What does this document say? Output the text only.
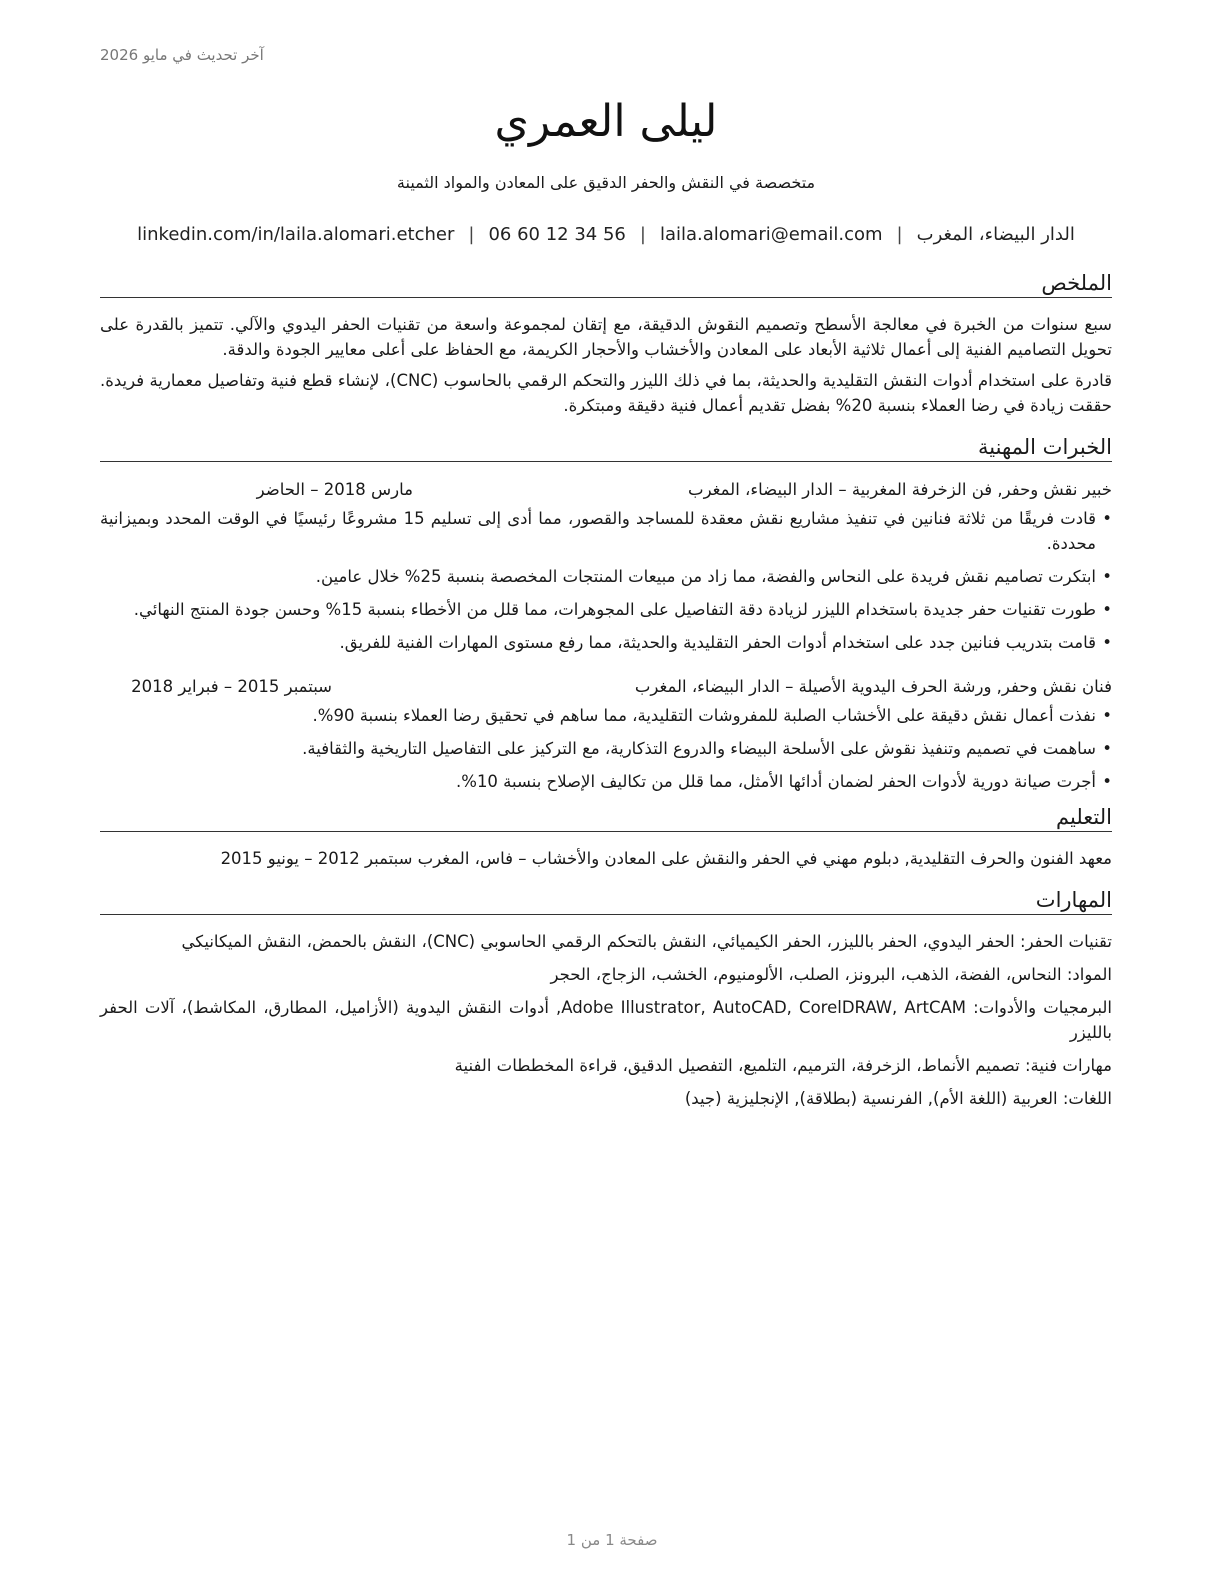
آخر تحديث في مايو 2026
ليلى العمري
متخصصة في النقش والحفر الدقيق على المعادن والمواد الثمينة
الدار البيضاء، المغرب|laila.alomari@email.com|06 60 12 34 56|linkedin.com/in/laila.alomari.etcher
الملخص

سبع سنوات من الخبرة في معالجة الأسطح وتصميم النقوش الدقيقة، مع إتقان لمجموعة واسعة من تقنيات الحفر اليدوي والآلي. تتميز بالقدرة على تحويل التصاميم الفنية إلى أعمال ثلاثية الأبعاد على المعادن والأخشاب والأحجار الكريمة، مع الحفاظ على أعلى معايير الجودة والدقة.

قادرة على استخدام أدوات النقش التقليدية والحديثة، بما في ذلك الليزر والتحكم الرقمي بالحاسوب (CNC)، لإنشاء قطع فنية وتفاصيل معمارية فريدة. حققت زيادة في رضا العملاء بنسبة 20% بفضل تقديم أعمال فنية دقيقة ومبتكرة.

الخبرات المهنية
خبير نقش وحفر, فن الزخرفة المغربية – الدار البيضاء، المغرب
مارس 2018 – الحاضر
• قادت فريقًا من ثلاثة فنانين في تنفيذ مشاريع نقش معقدة للمساجد والقصور، مما أدى إلى تسليم 15 مشروعًا رئيسيًا في الوقت المحدد وبميزانية محددة.
• ابتكرت تصاميم نقش فريدة على النحاس والفضة، مما زاد من مبيعات المنتجات المخصصة بنسبة 25% خلال عامين.
• طورت تقنيات حفر جديدة باستخدام الليزر لزيادة دقة التفاصيل على المجوهرات، مما قلل من الأخطاء بنسبة 15% وحسن جودة المنتج النهائي.
• قامت بتدريب فنانين جدد على استخدام أدوات الحفر التقليدية والحديثة، مما رفع مستوى المهارات الفنية للفريق.
فنان نقش وحفر, ورشة الحرف اليدوية الأصيلة – الدار البيضاء، المغرب
سبتمبر 2015 – فبراير 2018
• نفذت أعمال نقش دقيقة على الأخشاب الصلبة للمفروشات التقليدية، مما ساهم في تحقيق رضا العملاء بنسبة 90%.
• ساهمت في تصميم وتنفيذ نقوش على الأسلحة البيضاء والدروع التذكارية، مع التركيز على التفاصيل التاريخية والثقافية.
• أجرت صيانة دورية لأدوات الحفر لضمان أدائها الأمثل، مما قلل من تكاليف الإصلاح بنسبة 10%.
التعليم
معهد الفنون والحرف التقليدية, دبلوم مهني في الحفر والنقش على المعادن والأخشاب – فاس، المغرب سبتمبر 2012 – يونيو 2015
المهارات
تقنيات الحفر: الحفر اليدوي، الحفر بالليزر، الحفر الكيميائي، النقش بالتحكم الرقمي الحاسوبي (CNC)، النقش بالحمض، النقش الميكانيكي
المواد: النحاس، الفضة، الذهب، البرونز، الصلب، الألومنيوم، الخشب، الزجاج، الحجر
البرمجيات والأدوات: Adobe Illustrator, AutoCAD, CorelDRAW, ArtCAM, أدوات النقش اليدوية (الأزاميل، المطارق، المكاشط)، آلات الحفر بالليزر
مهارات فنية: تصميم الأنماط، الزخرفة، الترميم، التلميع، التفصيل الدقيق، قراءة المخططات الفنية
اللغات: العربية (اللغة الأم), الفرنسية (بطلاقة), الإنجليزية (جيد)
صفحة 1 من 1
